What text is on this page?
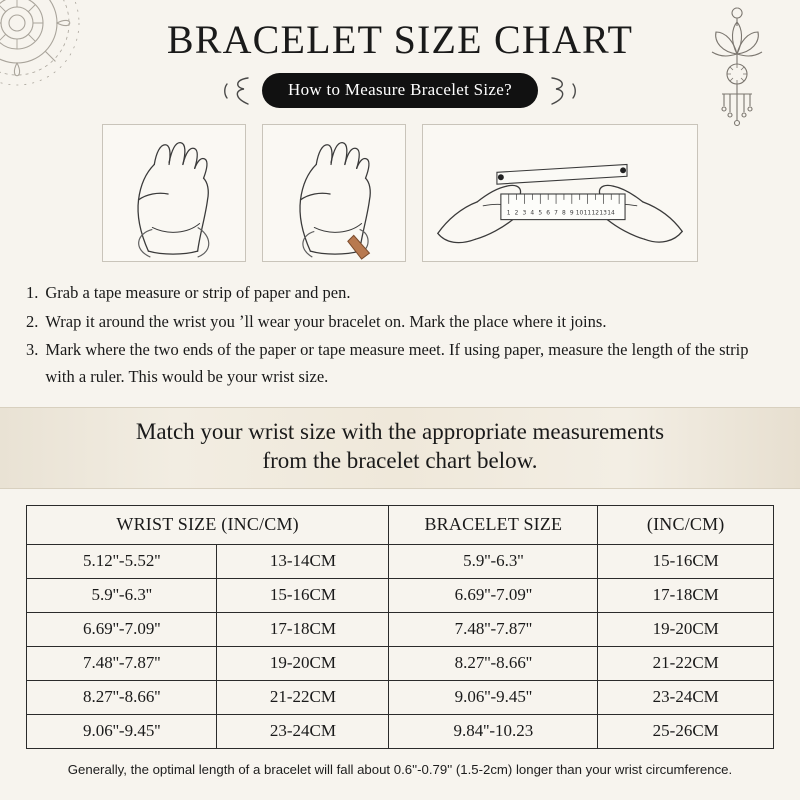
BRACELET SIZE CHART
How to Measure Bracelet Size?
1 2 3 4 5 6 7 8 9 10 11 12 13 14
1. Grab a tape measure or strip of paper and pen.
2. Wrap it around the wrist you ʼll wear your bracelet on. Mark the place where it joins.
3. Mark where the two ends of the paper or tape measure meet. If using paper, measure the length of the strip with a ruler. This would be your wrist size.
Match your wrist size with the appropriate measurements
from the bracelet chart below.
WRIST SIZE (INC/CM)		BRACELET SIZE	(INC/CM)
5.12''-5.52''	13-14CM	5.9''-6.3''	15-16CM
5.9''-6.3''	15-16CM	6.69''-7.09''	17-18CM
6.69''-7.09''	17-18CM	7.48''-7.87''	19-20CM
7.48''-7.87''	19-20CM	8.27''-8.66''	21-22CM
8.27''-8.66''	21-22CM	9.06''-9.45''	23-24CM
9.06''-9.45''	23-24CM	9.84''-10.23	25-26CM
Generally, the optimal length of a bracelet will fall about 0.6''-0.79'' (1.5-2cm) longer than your wrist circumference.
